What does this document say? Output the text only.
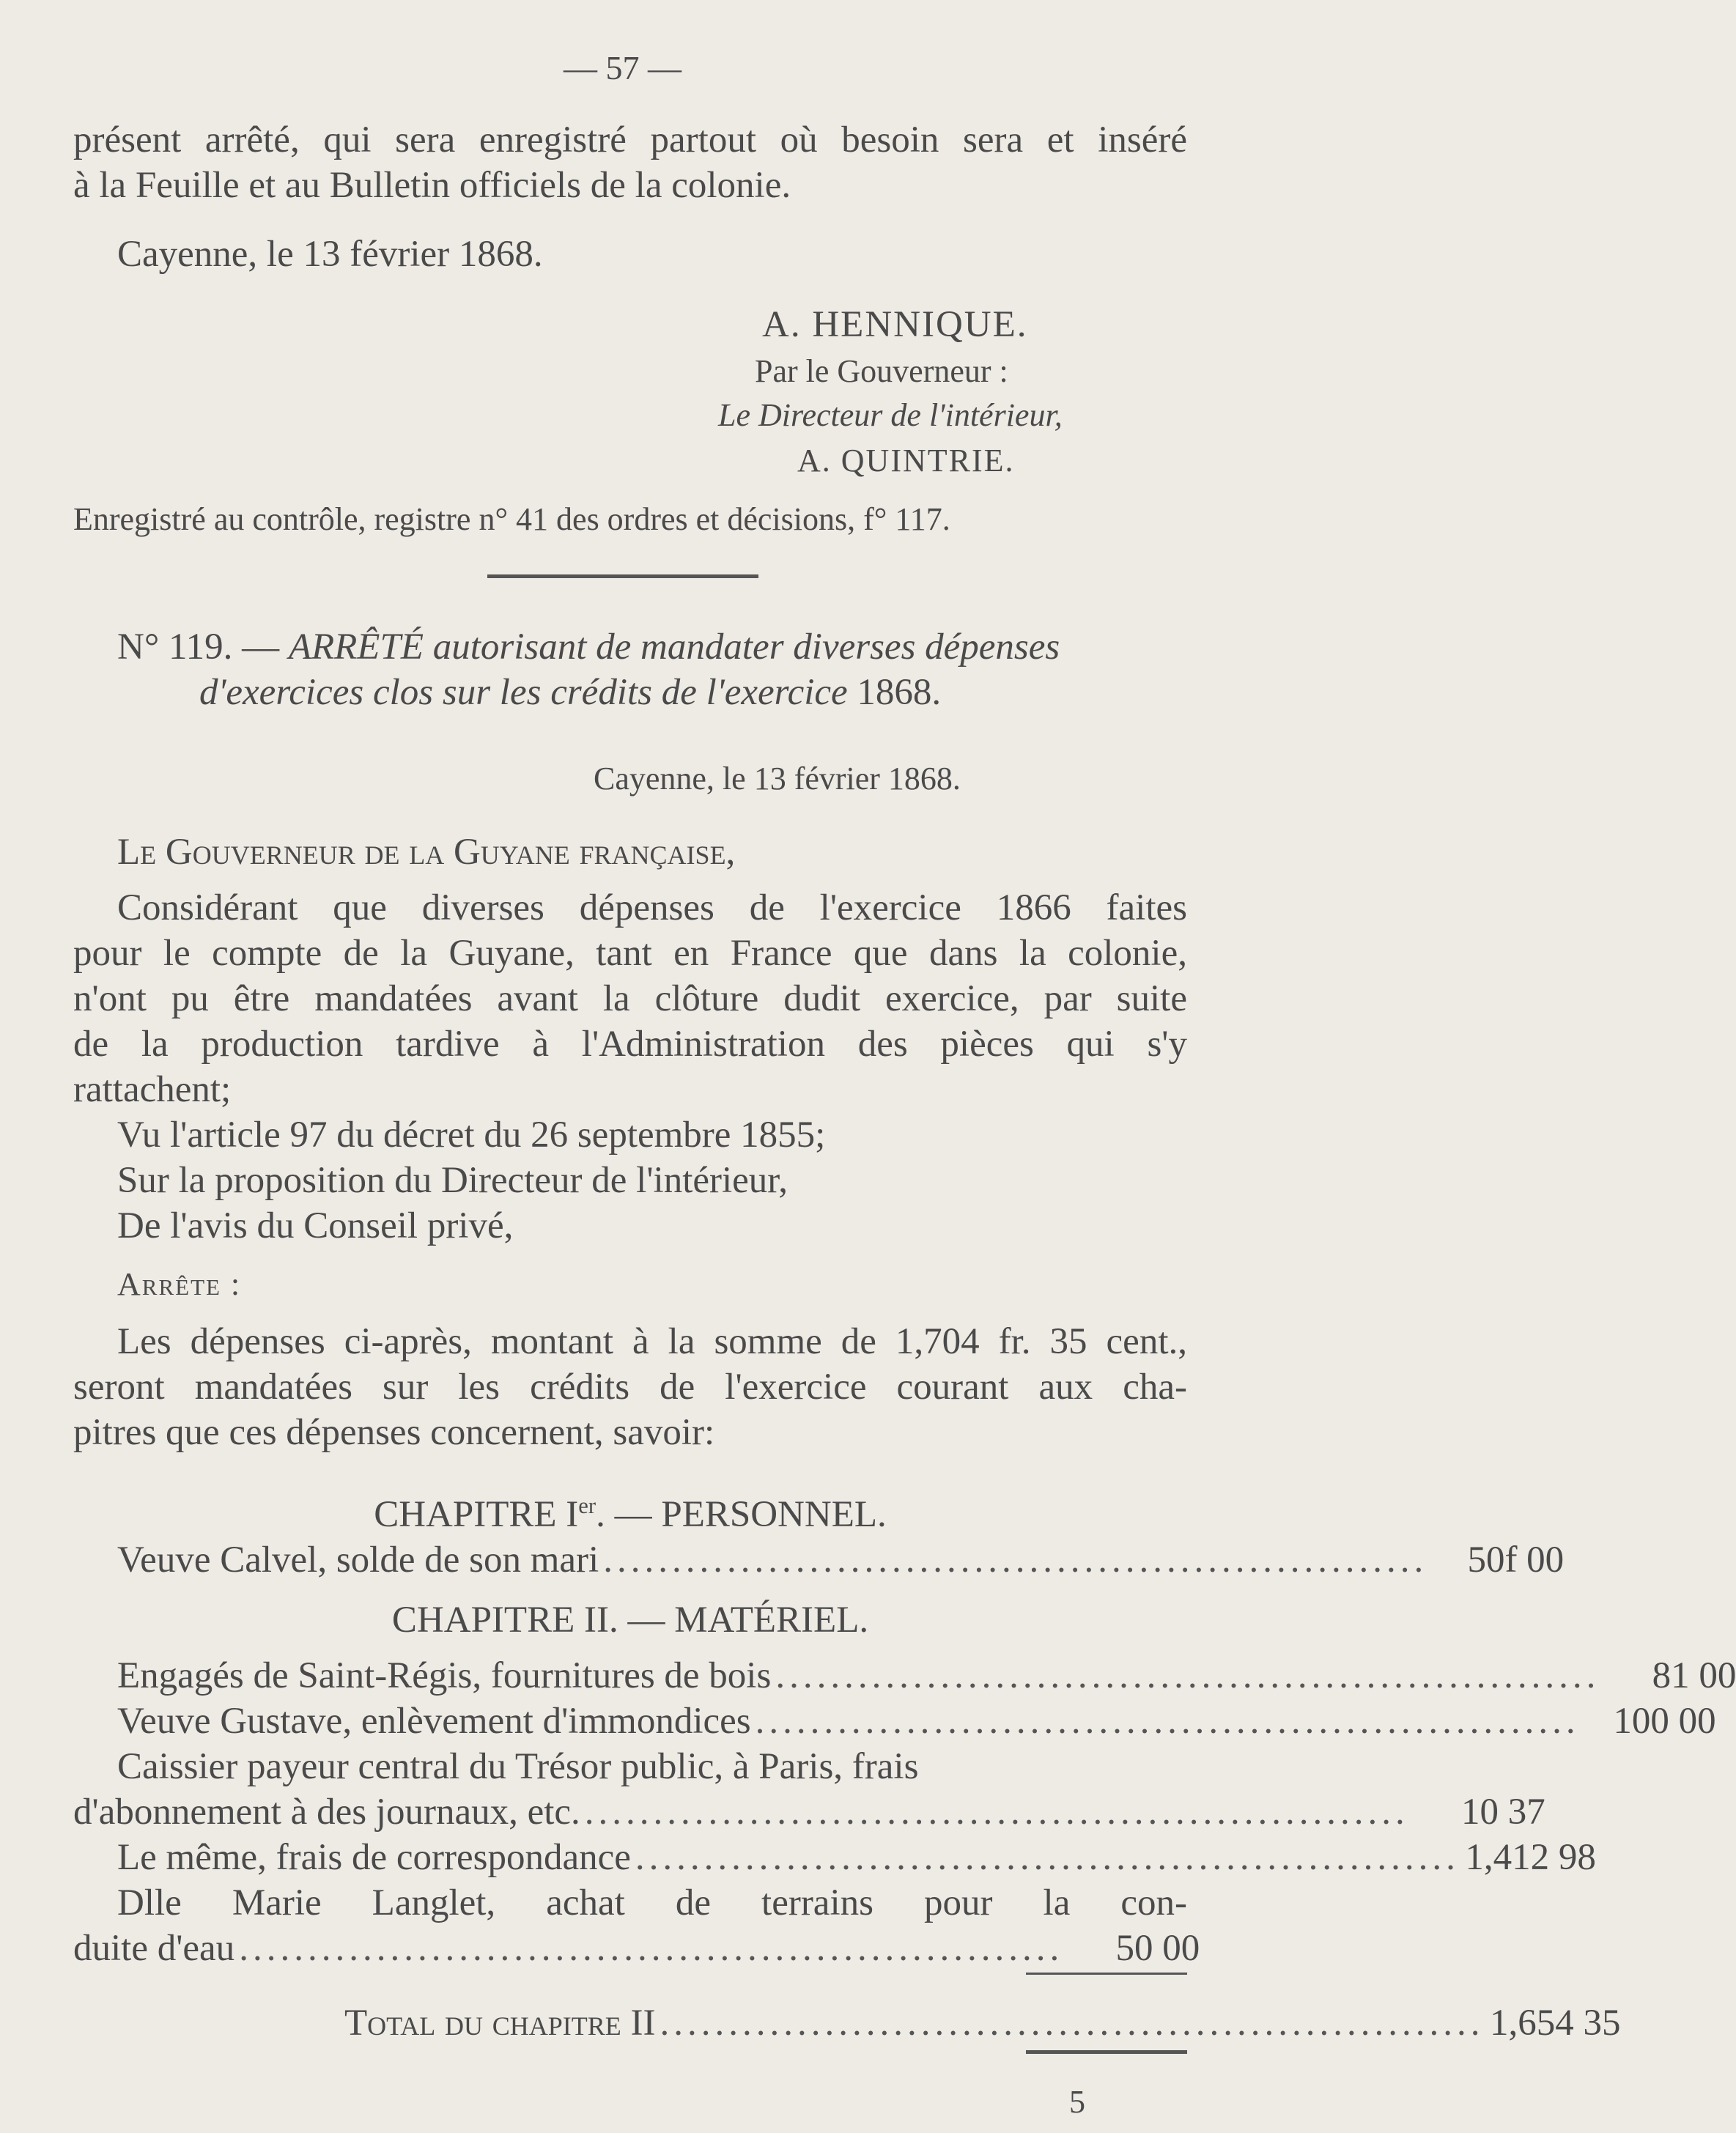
— 57 —
présent arrêté, qui sera enregistré partout où besoin sera et inséré
à la Feuille et au Bulletin officiels de la colonie.
Cayenne, le 13 février 1868.
A. HENNIQUE.
Par le Gouverneur :
Le Directeur de l'intérieur,
A. QUINTRIE.
Enregistré au contrôle, registre n° 41 des ordres et décisions, f° 117.
N° 119. — ARRÊTÉ autorisant de mandater diverses dépenses
d'exercices clos sur les crédits de l'exercice 1868.
Cayenne, le 13 février 1868.
Le Gouverneur de la Guyane française,
Considérant que diverses dépenses de l'exercice 1866 faites
pour le compte de la Guyane, tant en France que dans la colonie,
n'ont pu être mandatées avant la clôture dudit exercice, par suite
de la production tardive à l'Administration des pièces qui s'y
rattachent;
Vu l'article 97 du décret du 26 septembre 1855;
Sur la proposition du Directeur de l'intérieur,
De l'avis du Conseil privé,
Arrête :
Les dépenses ci-après, montant à la somme de 1,704 fr. 35 cent.,
seront mandatées sur les crédits de l'exercice courant aux cha-
pitres que ces dépenses concernent, savoir:
CHAPITRE Ier. — PERSONNEL.
Veuve Calvel, solde de son mari ............................................................	50f 00
CHAPITRE II. — MATÉRIEL.
Engagés de Saint-Régis, fournitures de bois ............................................................	81 00
Veuve Gustave, enlèvement d'immondices ............................................................ 100 00
Caissier payeur central du Trésor public, à Paris, frais
d'abonnement à des journaux, etc. ............................................................	10 37
Le même, frais de correspondance ............................................................ 1,412 98
Dlle Marie Langlet, achat de terrains pour la con-
duite d'eau ............................................................	50 00
Total du chapitre II ............................................................ 1,654 35
5
